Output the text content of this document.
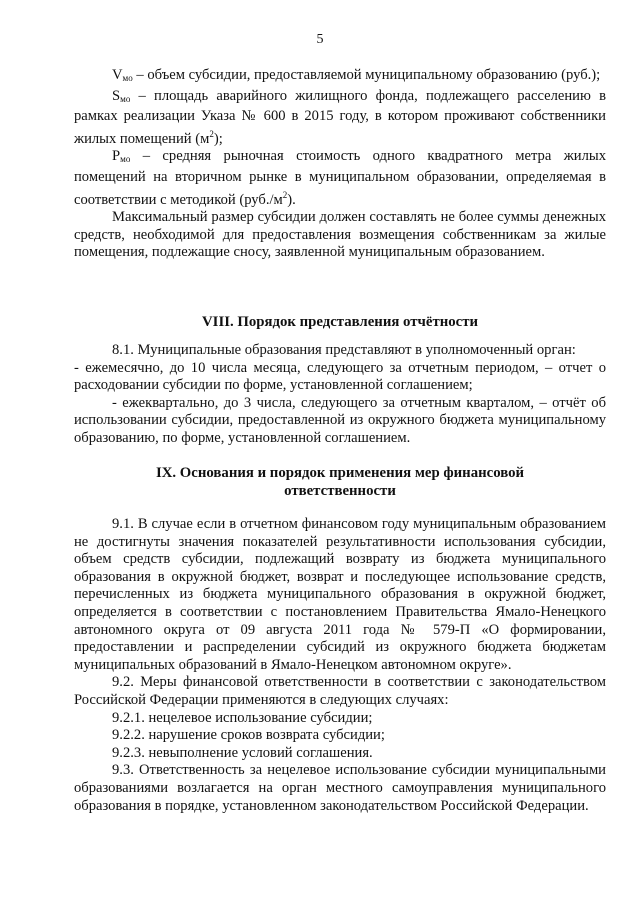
5

$V_{мо}$ – объем субсидии, предоставляемой муниципальному образованию (руб.);

$S_{мо}$ – площадь аварийного жилищного фонда, подлежащего расселению в рамках реализации Указа № 600 в 2015 году, в котором проживают собственники жилых помещений $(м^2)$;

$P_{мо}$ – средняя рыночная стоимость одного квадратного метра жилых помещений на вторичном рынке в муниципальном образовании, определяемая в соответствии с методикой $(руб./м^2)$.

Максимальный размер субсидии должен составлять не более суммы денежных средств, необходимой для предоставления возмещения собственникам за жилые помещения, подлежащие сносу, заявленной муниципальным образованием.

VIII. Порядок представления отчётности

8.1. Муниципальные образования представляют в уполномоченный орган:

- ежемесячно, до 10 числа месяца, следующего за отчетным периодом, – отчет о расходовании субсидии по форме, установленной соглашением;

- ежеквартально, до 3 числа, следующего за отчетным кварталом, – отчёт об использовании субсидии, предоставленной из окружного бюджета муниципальному образованию, по форме, установленной соглашением.

IX. Основания и порядок применения мер финансовой
ответственности

9.1. В случае если в отчетном финансовом году муниципальным образованием не достигнуты значения показателей результативности использования субсидии, объем средств субсидии, подлежащий возврату из бюджета муниципального образования в окружной бюджет, возврат и последующее использование средств, перечисленных из бюджета муниципального образования в окружной бюджет, определяется в соответствии с постановлением Правительства Ямало-Ненецкого автономного округа от 09 августа 2011 года № 579-П «О формировании, предоставлении и распределении субсидий из окружного бюджета бюджетам муниципальных образований в Ямало-Ненецком автономном округе».

9.2. Меры финансовой ответственности в соответствии с законодательством Российской Федерации применяются в следующих случаях:

9.2.1. нецелевое использование субсидии;

9.2.2. нарушение сроков возврата субсидии;

9.2.3. невыполнение условий соглашения.

9.3. Ответственность за нецелевое использование субсидии муниципальными образованиями возлагается на орган местного самоуправления муниципального образования в порядке, установленном законодательством Российской Федерации.
